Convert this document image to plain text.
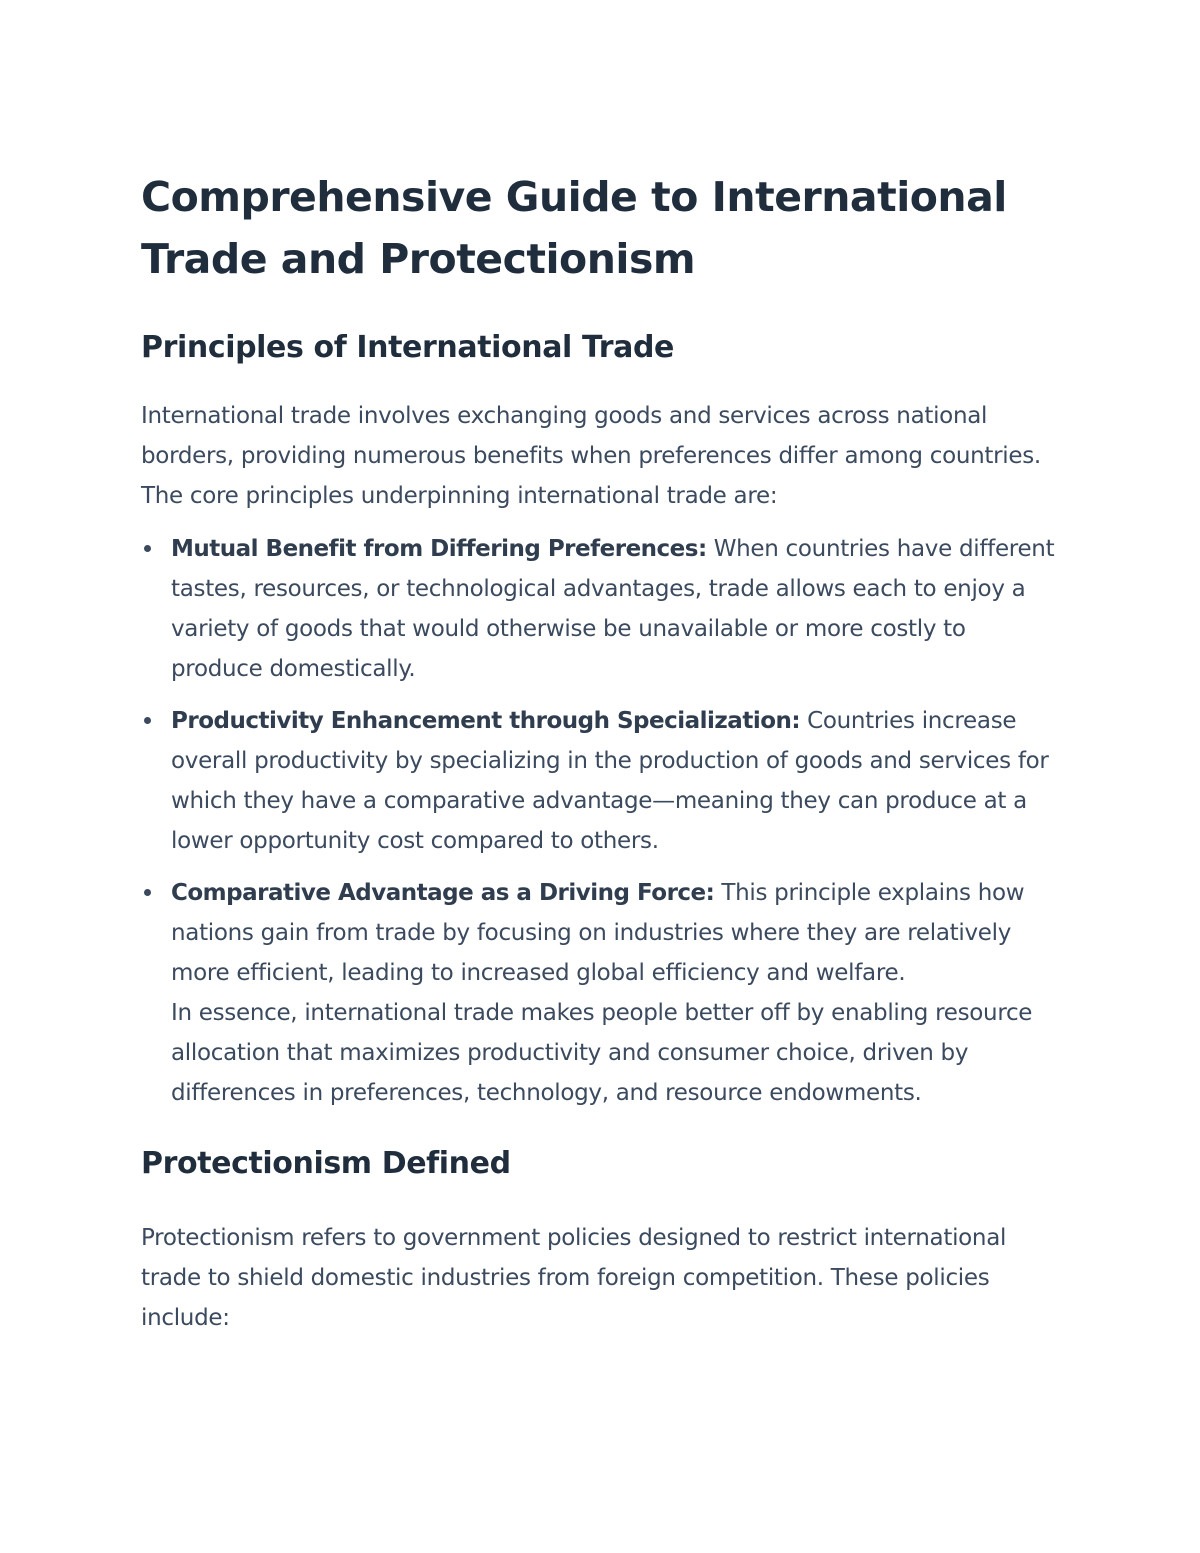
Comprehensive Guide to International Trade and Protectionism
Principles of International Trade

International trade involves exchanging goods and services across national borders, providing numerous benefits when preferences differ among countries. The core principles underpinning international trade are:

Mutual Benefit from Differing Preferences: When countries have different tastes, resources, or technological advantages, trade allows each to enjoy a variety of goods that would otherwise be unavailable or more costly to produce domestically.
Productivity Enhancement through Specialization: Countries increase overall productivity by specializing in the production of goods and services for which they have a comparative advantage—meaning they can produce at a lower opportunity cost compared to others.
Comparative Advantage as a Driving Force: This principle explains how nations gain from trade by focusing on industries where they are relatively more efficient, leading to increased global efficiency and welfare.
In essence, international trade makes people better off by enabling resource allocation that maximizes productivity and consumer choice, driven by differences in preferences, technology, and resource endowments.
Protectionism Defined

Protectionism refers to government policies designed to restrict international trade to shield domestic industries from foreign competition. These policies include:
